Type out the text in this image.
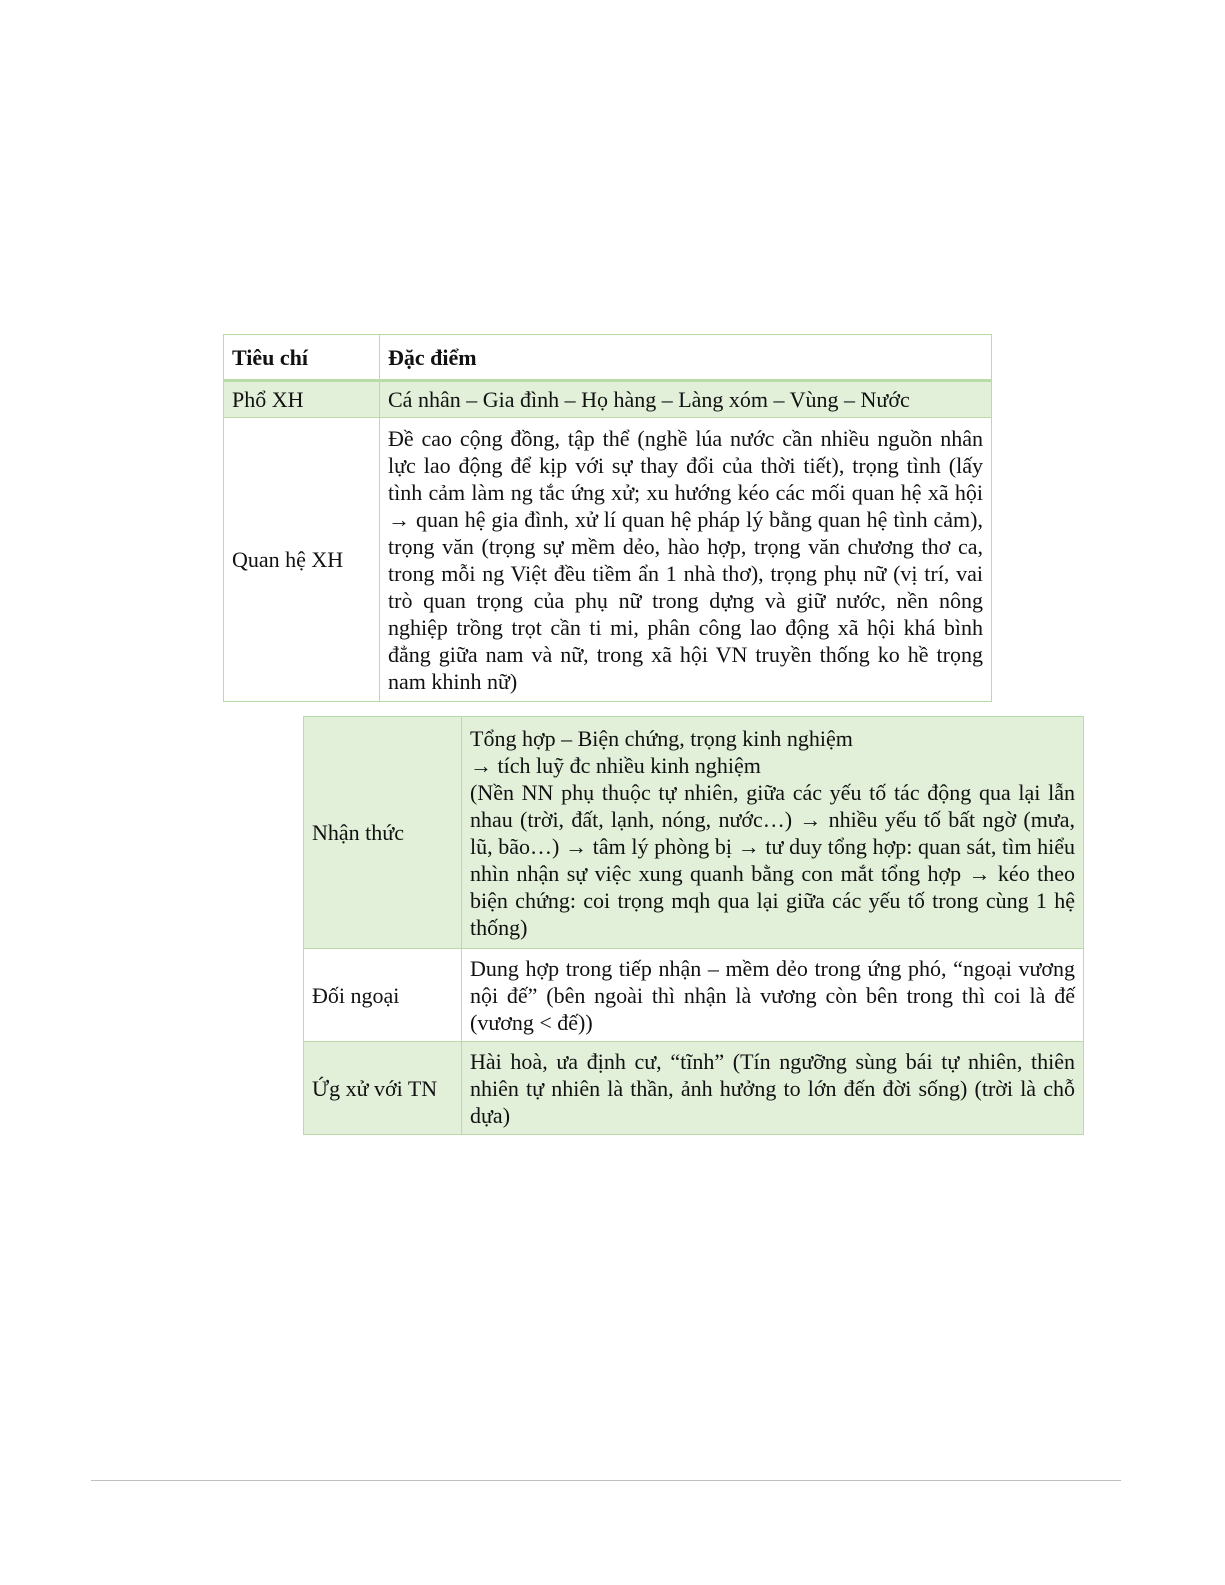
Tiêu chí	Đặc điểm
Phổ XH	Cá nhân – Gia đình – Họ hàng – Làng xóm – Vùng – Nước
Quan hệ XH	Đề cao cộng đồng, tập thể (nghề lúa nước cần nhiều nguồn nhân lực lao động để kịp với sự thay đổi của thời tiết), trọng tình (lấy tình cảm làm ng tắc ứng xử; xu hướng kéo các mối quan hệ xã hội → quan hệ gia đình, xử lí quan hệ pháp lý bằng quan hệ tình cảm), trọng văn (trọng sự mềm dẻo, hào hợp, trọng văn chương thơ ca, trong mỗi ng Việt đều tiềm ẩn 1 nhà thơ), trọng phụ nữ (vị trí, vai trò quan trọng của phụ nữ trong dựng và giữ nước, nền nông nghiệp trồng trọt cần ti mi, phân công lao động xã hội khá bình đẳng giữa nam và nữ, trong xã hội VN truyền thống ko hề trọng nam khinh nữ)
Nhận thức	Tổng hợp – Biện chứng, trọng kinh nghiệm
→ tích luỹ đc nhiều kinh nghiệm
(Nền NN phụ thuộc tự nhiên, giữa các yếu tố tác động qua lại lẫn nhau (trời, đất, lạnh, nóng, nước…) → nhiều yếu tố bất ngờ (mưa, lũ, bão…) → tâm lý phòng bị → tư duy tổng hợp: quan sát, tìm hiểu nhìn nhận sự việc xung quanh bằng con mắt tổng hợp → kéo theo biện chứng: coi trọng mqh qua lại giữa các yếu tố trong cùng 1 hệ thống)

Đối ngoại	Dung hợp trong tiếp nhận – mềm dẻo trong ứng phó, “ngoại vương nội đế” (bên ngoài thì nhận là vương còn bên trong thì coi là đế (vương < đế))
Ứg xử với TN	Hài hoà, ưa định cư, “tĩnh” (Tín ngưỡng sùng bái tự nhiên, thiên nhiên tự nhiên là thần, ảnh hưởng to lớn đến đời sống) (trời là chỗ dựa)
